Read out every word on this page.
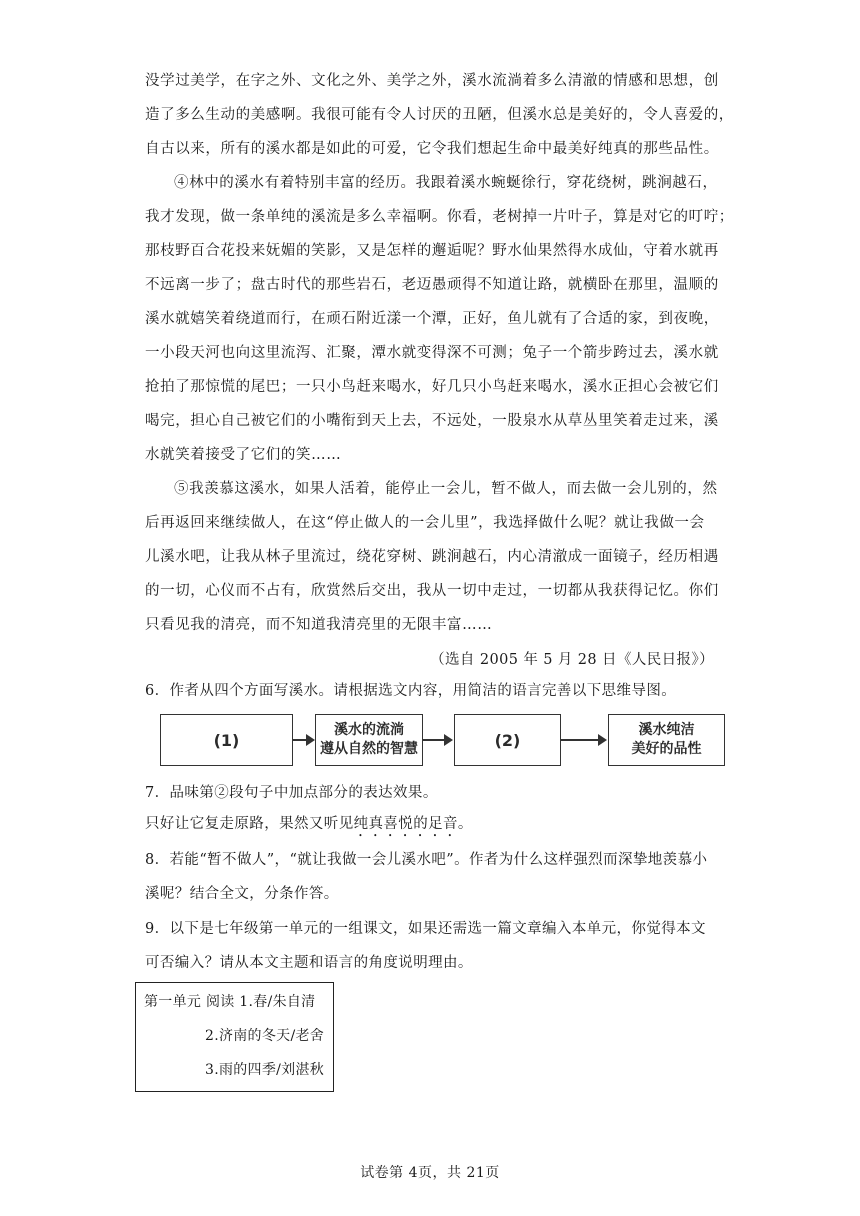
没学过美学，在字之外、文化之外、美学之外，溪水流淌着多么清澈的情感和思想，创
造了多么生动的美感啊。我很可能有令人讨厌的丑陋，但溪水总是美好的，令人喜爱的，
自古以来，所有的溪水都是如此的可爱，它令我们想起生命中最美好纯真的那些品性。

④林中的溪水有着特别丰富的经历。我跟着溪水蜿蜒徐行，穿花绕树，跳涧越石，
我才发现，做一条单纯的溪流是多么幸福啊。你看，老树掉一片叶子，算是对它的叮咛；
那枝野百合花投来妩媚的笑影，又是怎样的邂逅呢？野水仙果然得水成仙，守着水就再
不远离一步了；盘古时代的那些岩石，老迈愚顽得不知道让路，就横卧在那里，温顺的
溪水就嬉笑着绕道而行，在顽石附近漾一个潭，正好，鱼儿就有了合适的家，到夜晚，
一小段天河也向这里流泻、汇聚，潭水就变得深不可测；兔子一个箭步跨过去，溪水就
抢拍了那惊慌的尾巴；一只小鸟赶来喝水，好几只小鸟赶来喝水，溪水正担心会被它们
喝完，担心自己被它们的小嘴衔到天上去，不远处，一股泉水从草丛里笑着走过来，溪
水就笑着接受了它们的笑……

⑤我羡慕这溪水，如果人活着，能停止一会儿，暂不做人，而去做一会儿别的，然
后再返回来继续做人，在这“停止做人的一会儿里”，我选择做什么呢？就让我做一会
儿溪水吧，让我从林子里流过，绕花穿树、跳涧越石，内心清澈成一面镜子，经历相遇
的一切，心仪而不占有，欣赏然后交出，我从一切中走过，一切都从我获得记忆。你们
只看见我的清亮，而不知道我清亮里的无限丰富……

（选自 2005 年 5 月 28 日《人民日报》）

6．作者从四个方面写溪水。请根据选文内容，用简洁的语言完善以下思维导图。

(1)
溪水的流淌
遵从自然的智慧	(2)
溪水纯洁
美好的品性

7．品味第②段句子中加点部分的表达效果。

只好让它复走原路，果然又听见纯真喜悦的足音。

8．若能“暂不做人”，“就让我做一会儿溪水吧”。作者为什么这样强烈而深挚地羡慕小
溪呢？结合全文，分条作答。

9．以下是七年级第一单元的一组课文，如果还需选一篇文章编入本单元，你觉得本文
可否编入？请从本文主题和语言的角度说明理由。

第一单元 阅读 1.春/朱自清
2.济南的冬天/老舍
3.雨的四季/刘湛秋
试卷第 4页，共 21页
